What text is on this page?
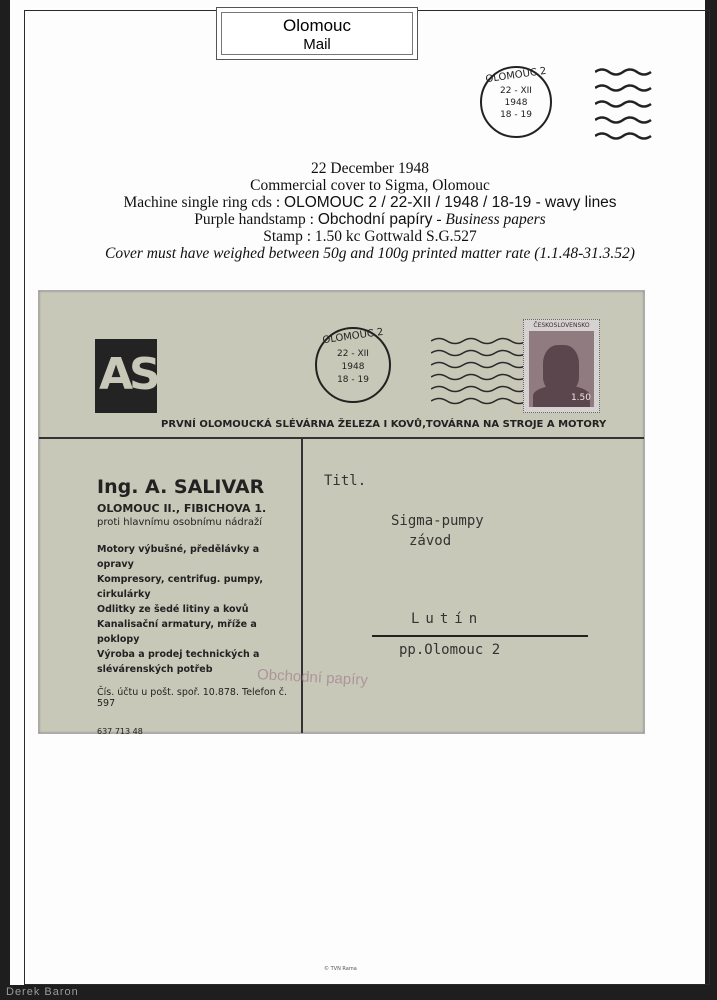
Olomouc
Mail
OLOMOUC 2
22 - XII
1948
18 - 19
22 December 1948
Commercial cover to Sigma, Olomouc
Machine single ring cds : OLOMOUC 2 / 22-XII / 1948 / 18-19 - wavy lines
Purple handstamp : Obchodní papíry - Business papers
Stamp : 1.50 kc Gottwald S.G.527
Cover must have weighed between 50g and 100g printed matter rate (1.1.48-31.3.52)
AS
PRVNÍ OLOMOUCKÁ SLÉVÁRNA ŽELEZA I KOVŮ,TOVÁRNA NA STROJE A MOTORY
OLOMOUC 2
22 - XII
1948
18 - 19
ČESKOSLOVENSKO
1.50
Ing. A. SALIVAR
OLOMOUC II., FIBICHOVA 1.
proti hlavnímu osobnímu nádraží
Motory výbušné, předělávky a opravy
Kompresory, centrifug. pumpy, cirkulárky
Odlitky ze šedé litiny a kovů
Kanalisační armatury, mříže a poklopy
Výroba a prodej technických a slévárenských potřeb
Čís. účtu u pošt. spoř. 10.878. Telefon č. 597
637 713 48
Obchodní papíry
Titl.
Sigma-pumpy
závod
Lutín
pp.Olomouc 2
© TVN Rama
Derek Baron
